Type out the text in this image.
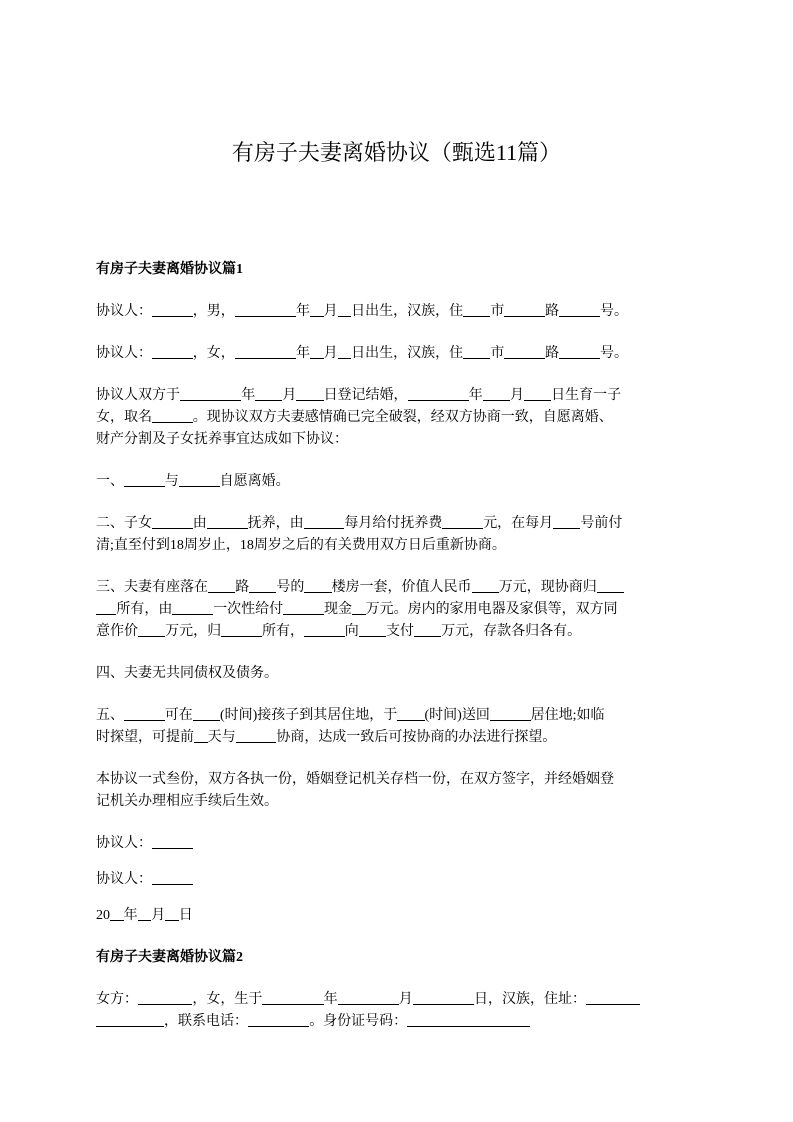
有房子夫妻离婚协议（甄选11篇）
有房子夫妻离婚协议篇1
协议人：	，男，	年 月 日出生，汉族，住 市	路	号。
协议人：	，女，	年 月 日出生，汉族，住 市	路	号。
协议人双方于	年 月 日登记结婚，	年 月 日生育一子
女，取名	。现协议双方夫妻感情确已完全破裂，经双方协商一致，自愿离婚、
财产分割及子女抚养事宜达成如下协议：
一、	与	自愿离婚。
二、子女	由	抚养，由	每月给付抚养费	元，在每月 号前付
清;直至付到18周岁止，18周岁之后的有关费用双方日后重新协商。
三、夫妻有座落在 路 号的 楼房一套，价值人民币 万元，现协商归
所有，由	一次性给付	现金 万元。房内的家用电器及家俱等，双方同
意作价 万元，归	所有，	向 支付 万元，存款各归各有。
四、夫妻无共同债权及债务。
五、	可在 (时间)接孩子到其居住地，于 (时间)送回	居住地;如临
时探望，可提前 天与	协商，达成一致后可按协商的办法进行探望。
本协议一式叁份，双方各执一份，婚姻登记机关存档一份，在双方签字，并经婚姻登
记机关办理相应手续后生效。
协议人：
协议人：
20 年 月 日
有房子夫妻离婚协议篇2
女方：	，女，生于	年	月	日，汉族，住址：
，联系电话：	。身份证号码：
